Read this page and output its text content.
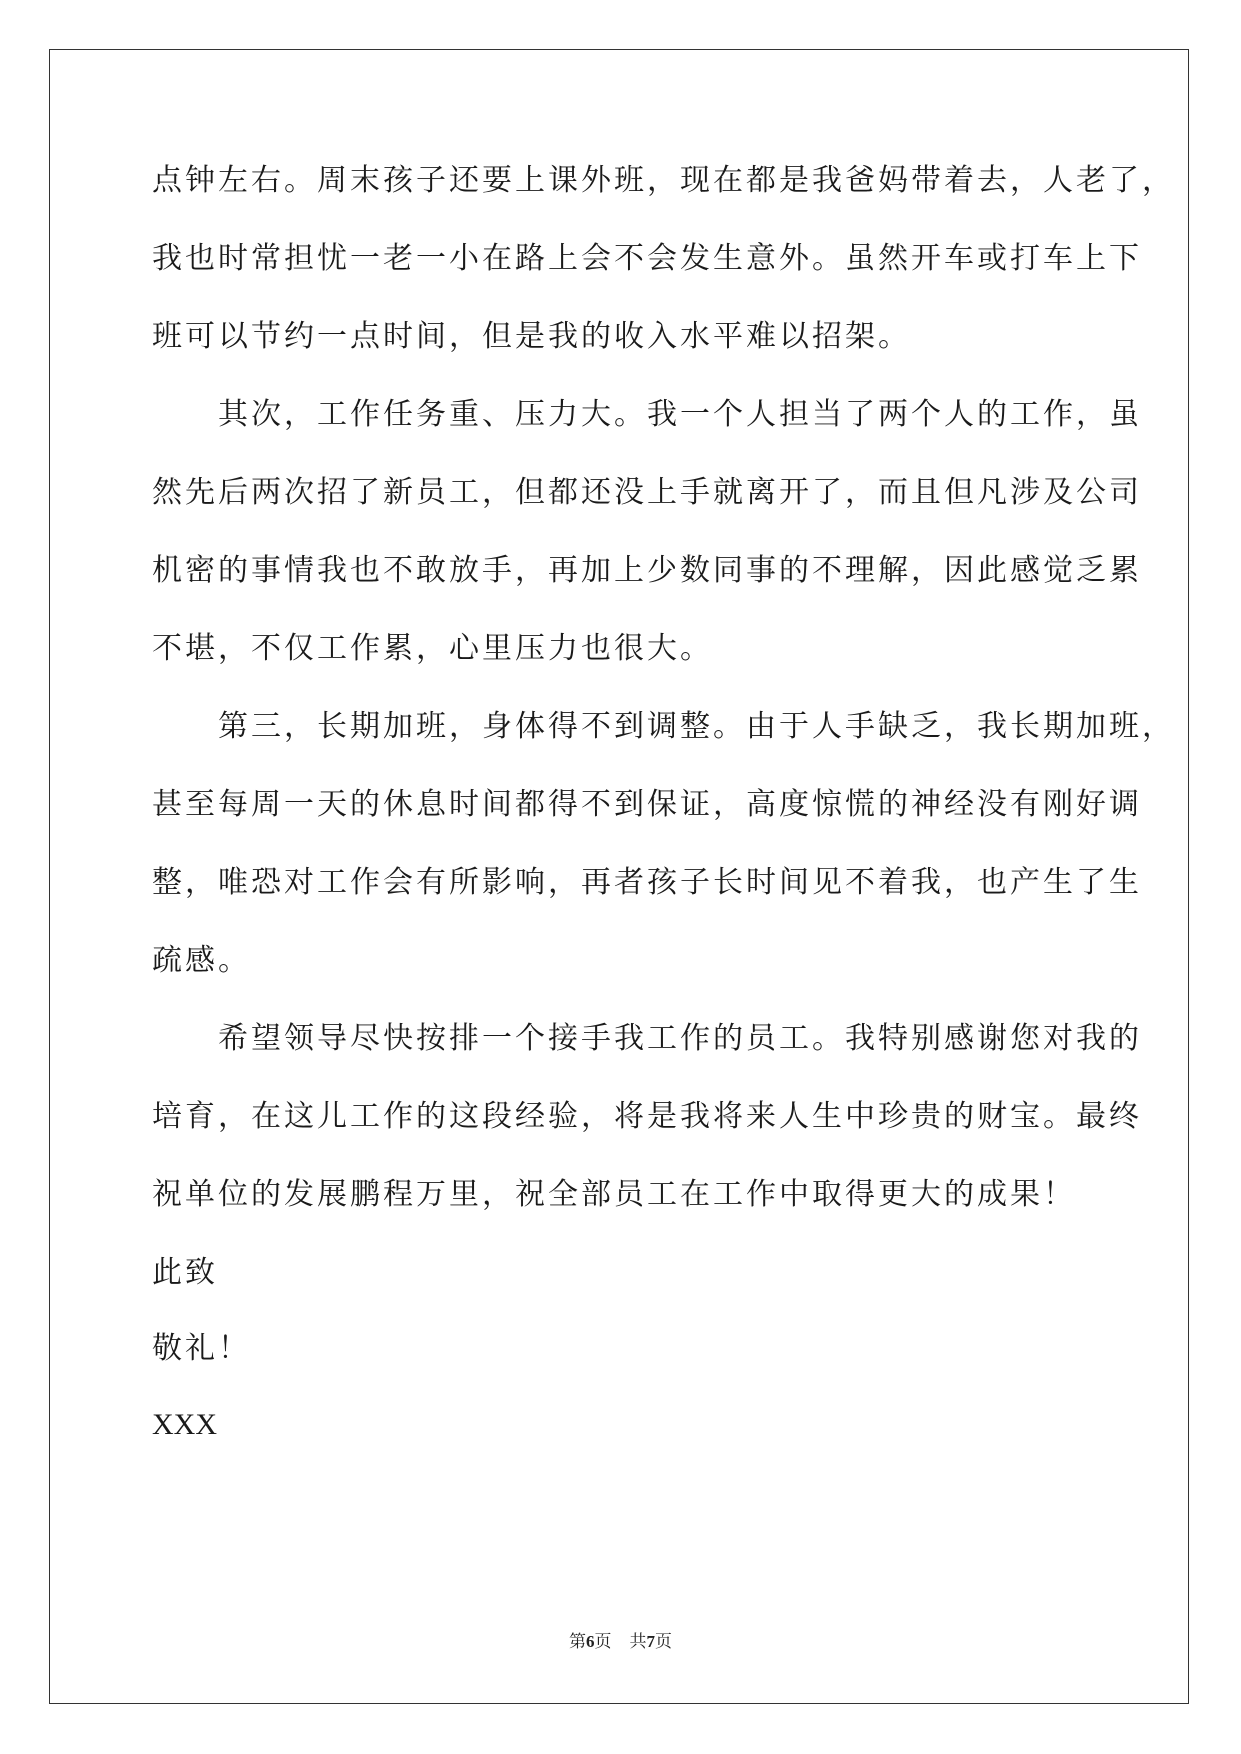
点钟左右。周末孩子还要上课外班，现在都是我爸妈带着去，人老了，
我也时常担忧一老一小在路上会不会发生意外。虽然开车或打车上下
班可以节约一点时间，但是我的收入水平难以招架。
　　其次，工作任务重、压力大。我一个人担当了两个人的工作，虽
然先后两次招了新员工，但都还没上手就离开了，而且但凡涉及公司
机密的事情我也不敢放手，再加上少数同事的不理解，因此感觉乏累
不堪，不仅工作累，心里压力也很大。
　　第三，长期加班，身体得不到调整。由于人手缺乏，我长期加班，
甚至每周一天的休息时间都得不到保证，高度惊慌的神经没有刚好调
整，唯恐对工作会有所影响，再者孩子长时间见不着我，也产生了生
疏感。
　　希望领导尽快按排一个接手我工作的员工。我特别感谢您对我的
培育，在这儿工作的这段经验，将是我将来人生中珍贵的财宝。最终
祝单位的发展鹏程万里，祝全部员工在工作中取得更大的成果！
此致
敬礼！
XXX
第6页 共7页
